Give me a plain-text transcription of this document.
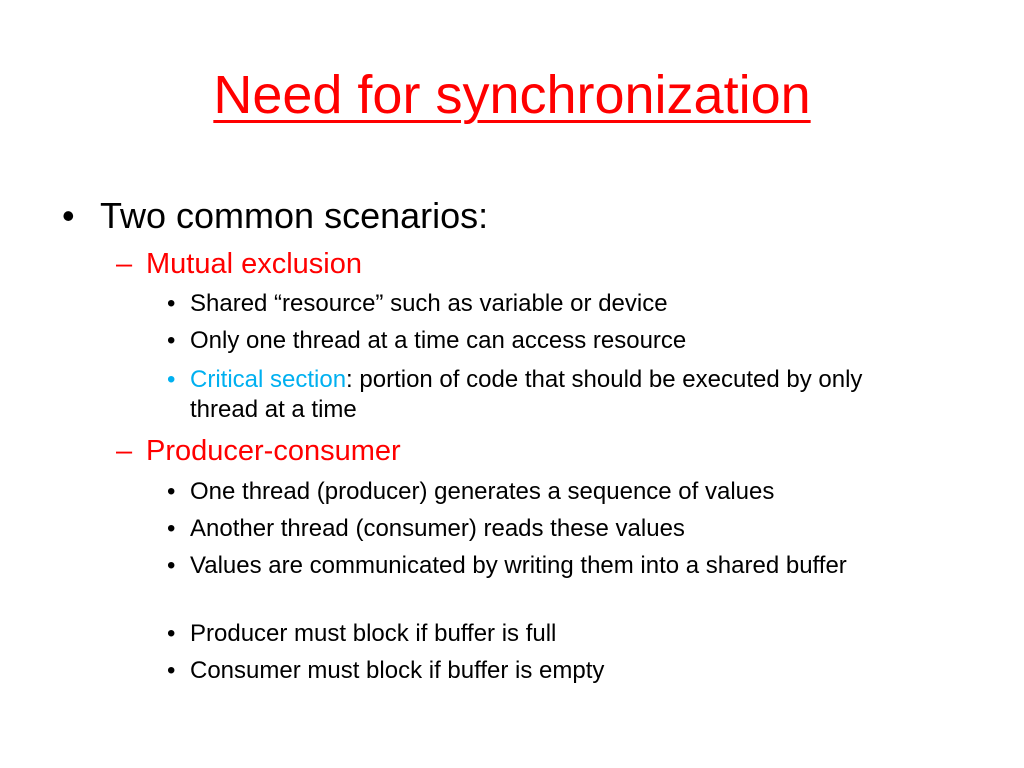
Need for synchronization
• Two common scenarios:
– Mutual exclusion
• Shared “resource” such as variable or device
• Only one thread at a time can access resource
• Critical section: portion of code that should be executed by only thread at a time
– Producer-consumer
• One thread (producer) generates a sequence of values
• Another thread (consumer) reads these values
• Values are communicated by writing them into a shared buffer
• Producer must block if buffer is full
• Consumer must block if buffer is empty
